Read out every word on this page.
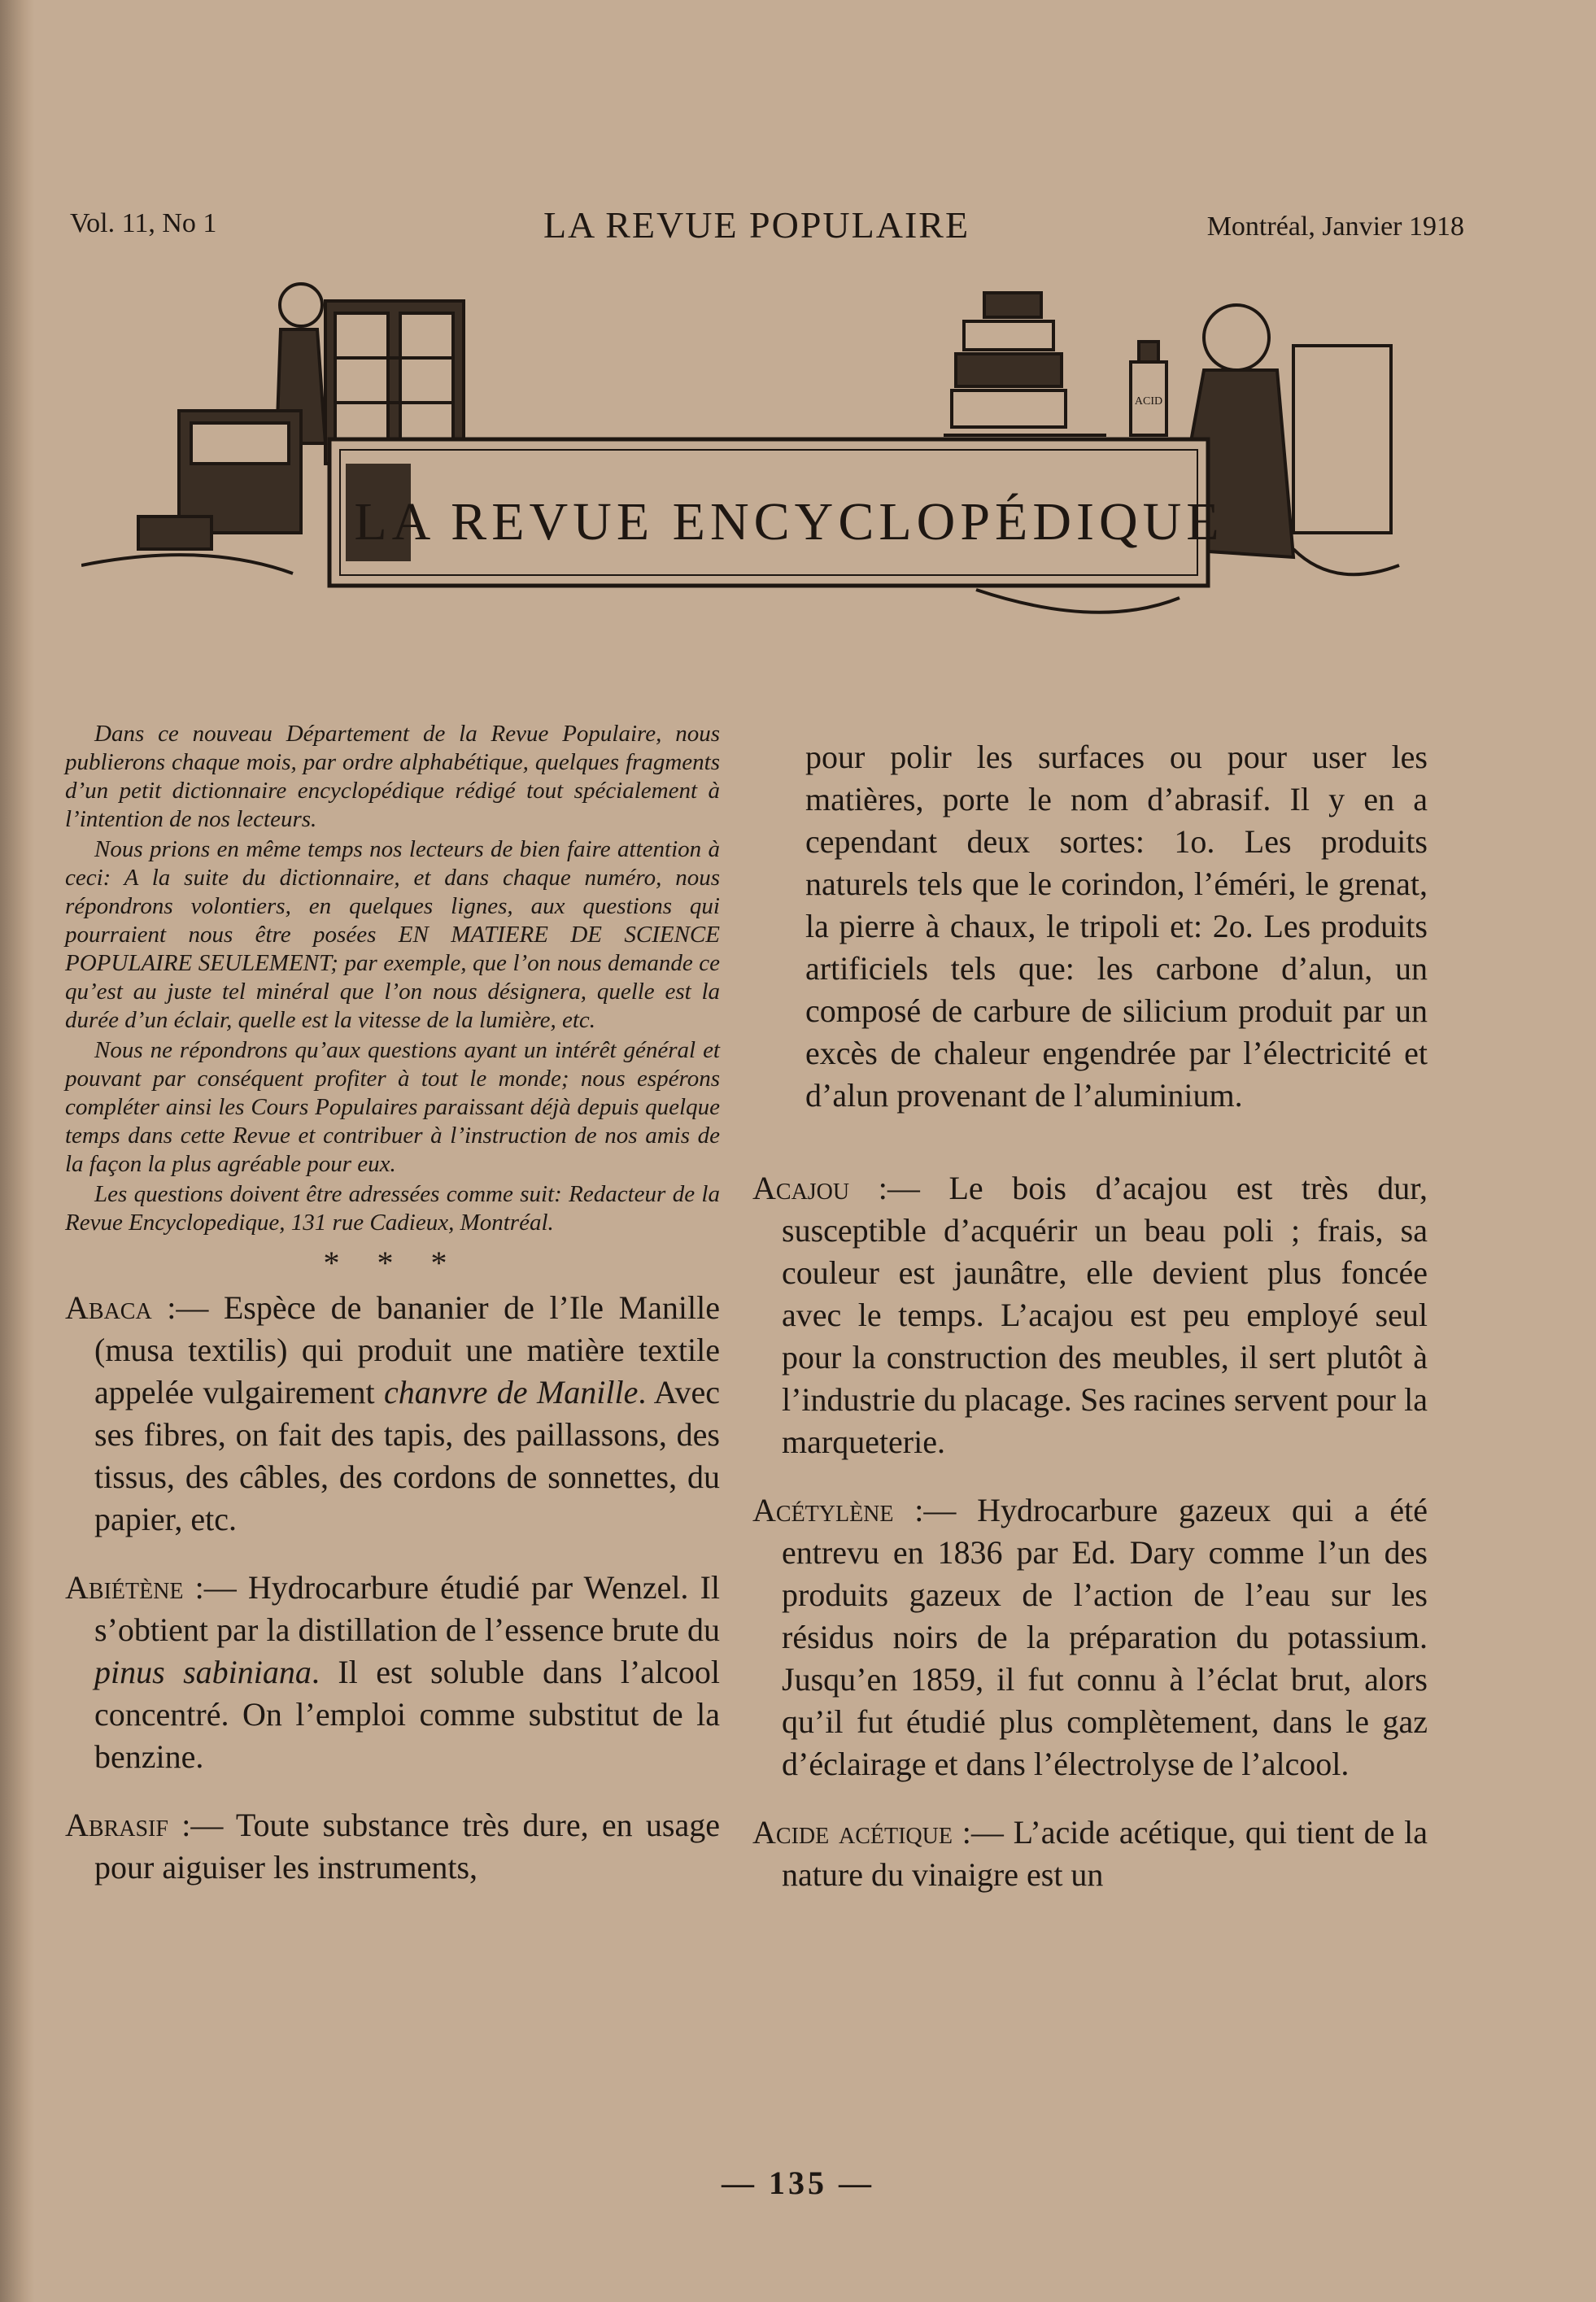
Vol. 11, No 1	LA REVUE POPULAIRE	Montréal, Janvier 1918
ACID
LA REVUE ENCYCLOPÉDIQUE

Dans ce nouveau Département de la Revue Populaire, nous publierons chaque mois, par ordre alphabétique, quelques fragments d’un petit dictionnaire encyclopédique rédigé tout spécialement à l’intention de nos lecteurs.

Nous prions en même temps nos lecteurs de bien faire attention à ceci: A la suite du dictionnaire, et dans chaque numéro, nous répondrons volontiers, en quelques lignes, aux questions qui pourraient nous être posées EN MATIERE DE SCIENCE POPULAIRE SEULEMENT; par exemple, que l’on nous demande ce qu’est au juste tel minéral que l’on nous désignera, quelle est la durée d’un éclair, quelle est la vitesse de la lumière, etc.

Nous ne répondrons qu’aux questions ayant un intérêt général et pouvant par conséquent profiter à tout le monde; nous espérons compléter ainsi les Cours Populaires paraissant déjà depuis quelque temps dans cette Revue et contribuer à l’instruction de nos amis de la façon la plus agréable pour eux.

Les questions doivent être adressées comme suit: Redacteur de la Revue Encyclopedique, 131 rue Cadieux, Montréal.

* * *

Abaca :— Espèce de bananier de l’Ile Manille (musa textilis) qui produit une matière textile appelée vulgairement chanvre de Manille. Avec ses fibres, on fait des tapis, des paillassons, des tissus, des câbles, des cordons de sonnettes, du papier, etc.

Abiétène :— Hydrocarbure étudié par Wenzel. Il s’obtient par la distillation de l’essence brute du pinus sabiniana. Il est soluble dans l’alcool concentré. On l’emploi comme substitut de la benzine.

Abrasif :— Toute substance très dure, en usage pour aiguiser les instruments,

pour polir les surfaces ou pour user les matières, porte le nom d’abrasif. Il y en a cependant deux sortes: 1o. Les produits naturels tels que le corindon, l’éméri, le grenat, la pierre à chaux, le tripoli et: 2o. Les produits artificiels tels que: les carbone d’alun, un composé de carbure de silicium produit par un excès de chaleur engendrée par l’électricité et d’alun provenant de l’aluminium.

Acajou :— Le bois d’acajou est très dur, susceptible d’acquérir un beau poli ; frais, sa couleur est jaunâtre, elle devient plus foncée avec le temps. L’acajou est peu employé seul pour la construction des meubles, il sert plutôt à l’industrie du placage. Ses racines servent pour la marqueterie.

Acétylène :— Hydrocarbure gazeux qui a été entrevu en 1836 par Ed. Dary comme l’un des produits gazeux de l’action de l’eau sur les résidus noirs de la préparation du potassium. Jusqu’en 1859, il fut connu à l’éclat brut, alors qu’il fut étudié plus complètement, dans le gaz d’éclairage et dans l’électrolyse de l’alcool.

Acide acétique :— L’acide acétique, qui tient de la nature du vinaigre est un

— 135 —
